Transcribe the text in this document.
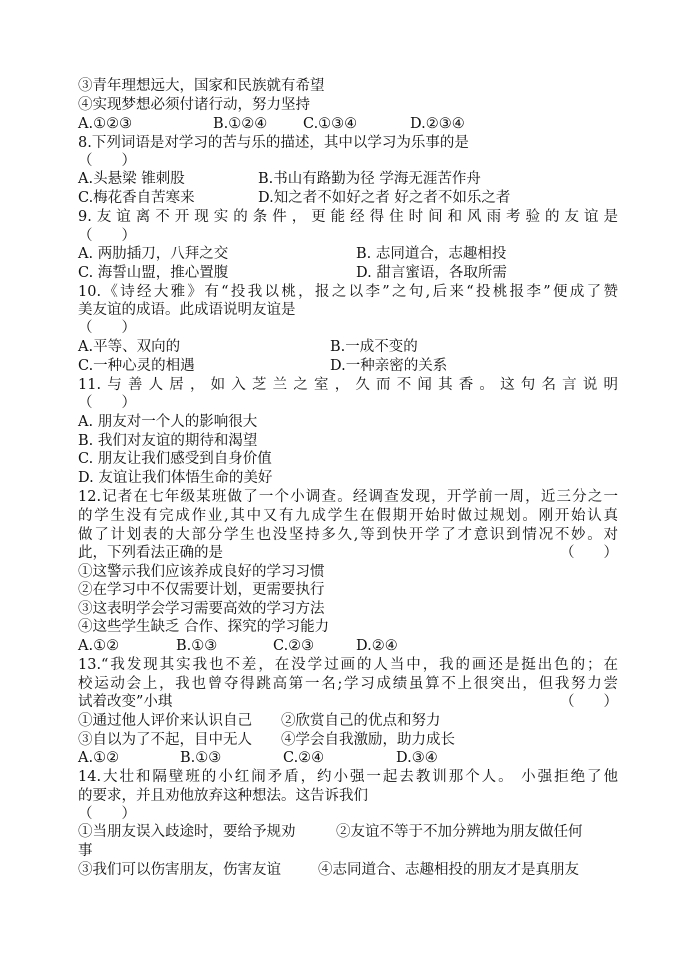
③青年理想远大，国家和民族就有希望
④实现梦想必须付诸行动，努力坚持
A.①②③	B.①②④ C.①③④	D.②③④
8.下列词语是对学习的苦与乐的描述，其中以学习为乐事的是
（　　）
A.头悬梁 锥刺股	B.书山有路勤为径 学海无涯苦作舟
C.梅花香自苦寒来	D.知之者不如好之者 好之者不如乐之者
9.友谊离不开现实的条件，更能经得住时间和风雨考验的友谊是
（　　）
A. 两肋插刀，八拜之交	B. 志同道合，志趣相投
C. 海誓山盟，推心置腹	D. 甜言蜜语，各取所需
10.《诗经大雅》有“投我以桃，报之以李”之句,后来“投桃报李”便成了赞
美友谊的成语。此成语说明友谊是
（　　）
A.平等、双向的	B.一成不变的
C.一种心灵的相遇	D.一种亲密的关系
11.与善人居，如入芝兰之室，久而不闻其香。这句名言说明
（　　）
A. 朋友对一个人的影响很大
B. 我们对友谊的期待和渴望
C. 朋友让我们感受到自身价值
D. 友谊让我们体悟生命的美好
12.记者在七年级某班做了一个小调查。经调查发现，开学前一周，近三分之一
的学生没有完成作业,其中又有九成学生在假期开始时做过规划。刚开始认真
做了计划表的大部分学生也没坚持多久,等到快开学了才意识到情况不妙。对
此，下列看法正确的是	（　　）
①这警示我们应该养成良好的学习习惯
②在学习中不仅需要计划，更需要执行
③这表明学会学习需要高效的学习方法
④这些学生缺乏 合作、探究的学习能力
A.①②	B.①③	C.②③	D.②④
13.“我发现其实我也不差，在没学过画的人当中，我的画还是挺出色的；在
校运动会上，我也曾夺得跳高第一名;学习成绩虽算不上很突出，但我努力尝
试着改变”小琪	（　　）
①通过他人评价来认识自己 ②欣赏自己的优点和努力
③自以为了不起，目中无人 ④学会自我激励，助力成长
A.①②	B.①③	C.②④	D.③④
14.大壮和隔壁班的小红闹矛盾，约小强一起去教训那个人。 小强拒绝了他
的要求，并且劝他放弃这种想法。这告诉我们
（　　）
①当朋友误入歧途时，要给予规劝	②友谊不等于不加分辨地为朋友做任何
事
③我们可以伤害朋友，伤害友谊	④志同道合、志趣相投的朋友才是真朋友
